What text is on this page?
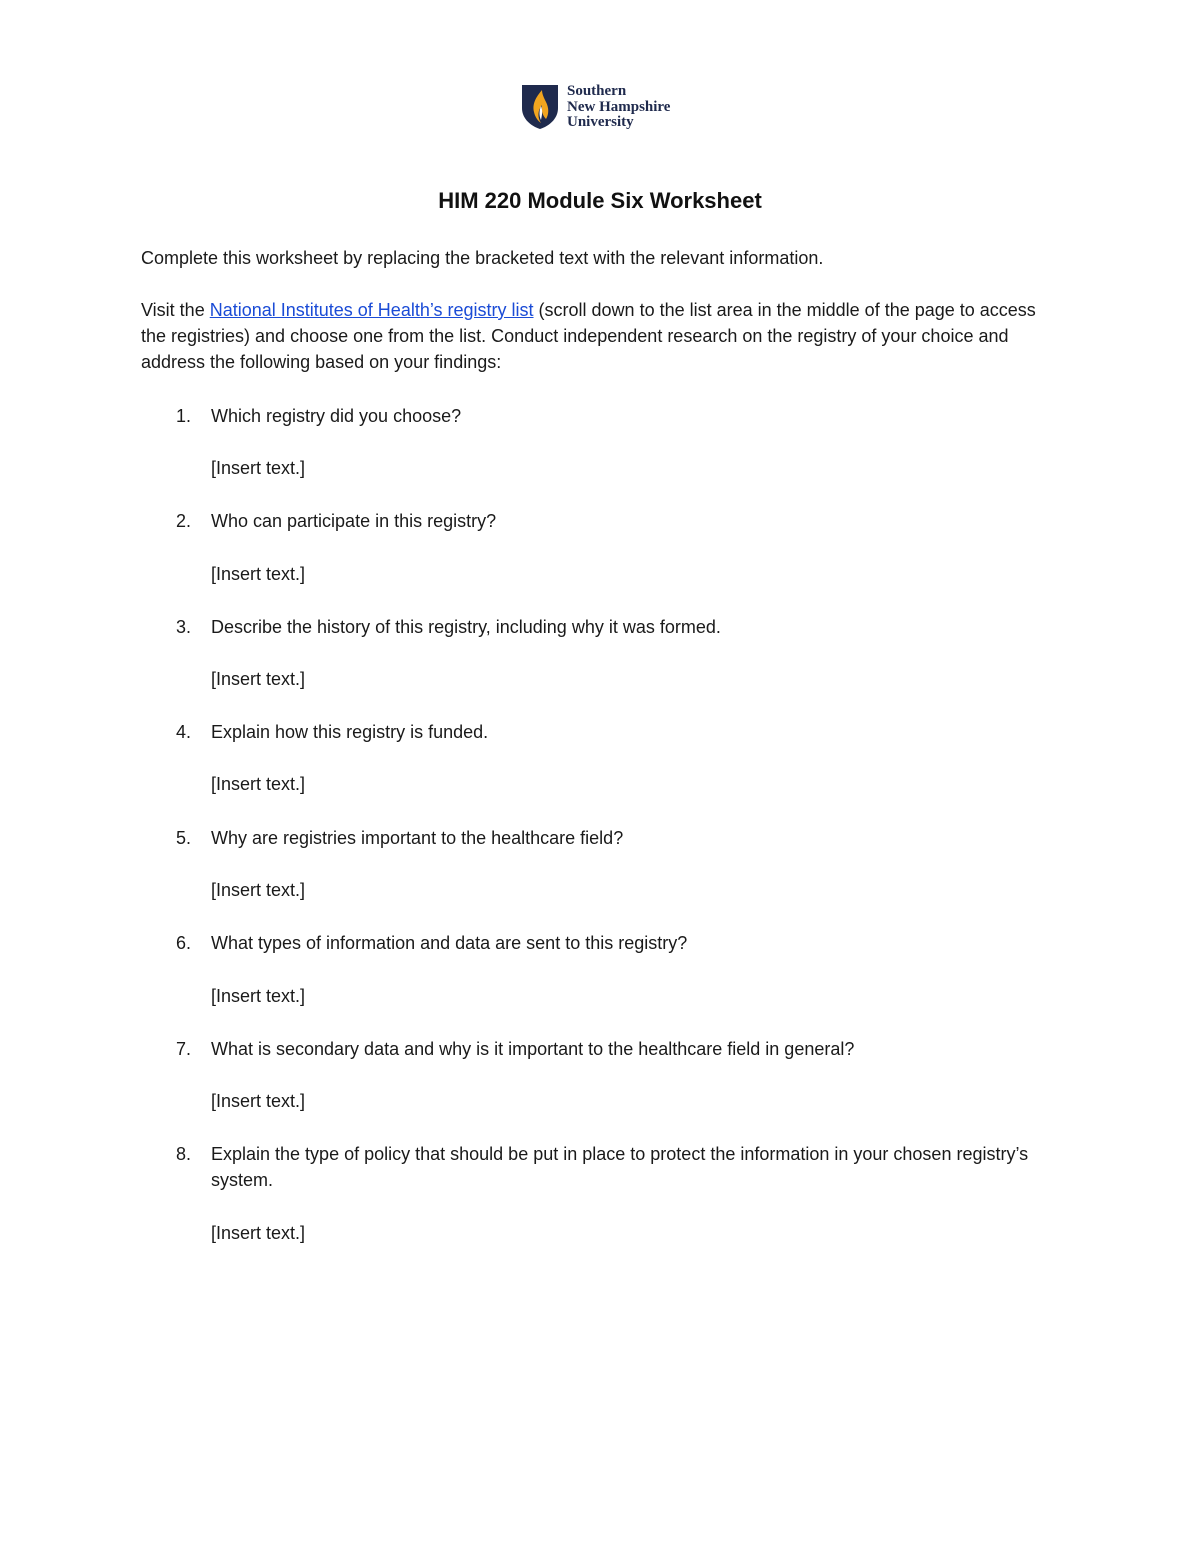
Southern
New Hampshire
University
HIM 220 Module Six Worksheet
Complete this worksheet by replacing the bracketed text with the relevant information.
Visit the National Institutes of Health’s registry list (scroll down to the list area in the middle of the page to access the registries) and choose one from the list. Conduct independent research on the registry of your choice and address the following based on your findings:
1. Which registry did you choose?
[Insert text.]
2. Who can participate in this registry?
[Insert text.]
3. Describe the history of this registry, including why it was formed.
[Insert text.]
4. Explain how this registry is funded.
[Insert text.]
5. Why are registries important to the healthcare field?
[Insert text.]
6. What types of information and data are sent to this registry?
[Insert text.]
7. What is secondary data and why is it important to the healthcare field in general?
[Insert text.]
8. Explain the type of policy that should be put in place to protect the information in your chosen registry’s system.
[Insert text.]
